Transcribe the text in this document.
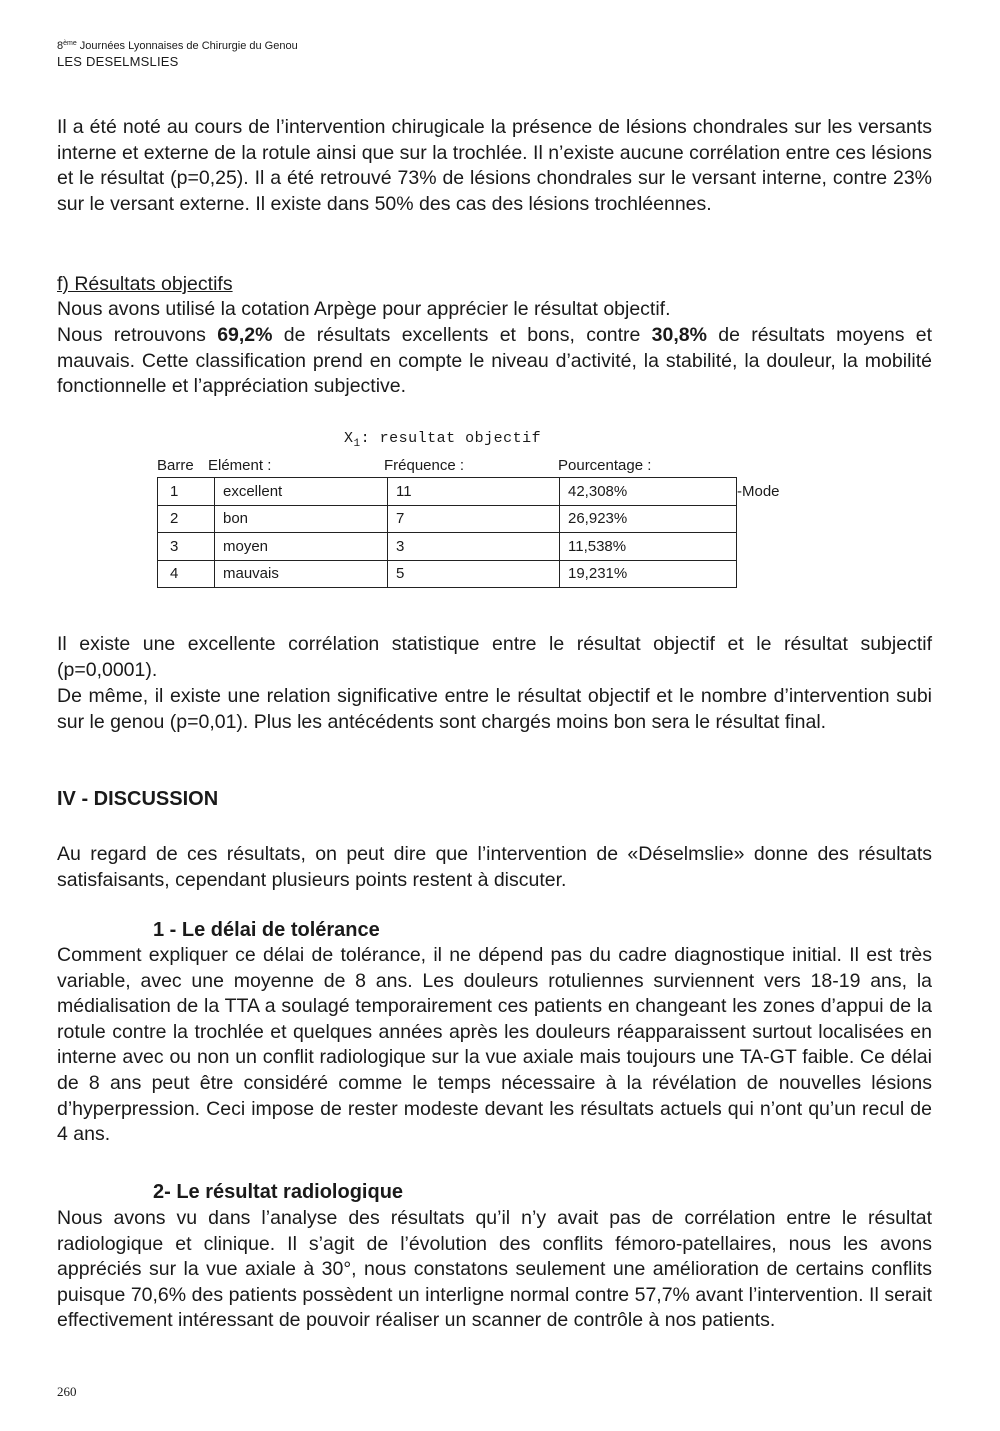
8ème Journées Lyonnaises de Chirurgie du Genou
LES DESELMSLIES

Il a été noté au cours de l’intervention chirugicale la présence de lésions chondrales sur les versants interne et externe de la rotule ainsi que sur la trochlée. Il n’existe aucune corrélation entre ces lésions et le résultat (p=0,25). Il a été retrouvé 73% de lésions chondrales sur le versant interne, contre 23% sur le versant externe. Il existe dans 50% des cas des lésions trochléennes.

f) Résultats objectifs

Nous avons utilisé la cotation Arpège pour apprécier le résultat objectif.

Nous retrouvons 69,2% de résultats excellents et bons, contre 30,8% de résultats moyens et mauvais. Cette classification prend en compte le niveau d’activité, la stabilité, la douleur, la mobilité fonctionnelle et l’appréciation subjective.

$X_1$: resultat objectif
Barre Elément :	Fréquence :	Pourcentage :
1	excellent	11	42,308%
2	bon	7	26,923%
3	moyen	3	11,538%
4	mauvais	5	19,231%
-Mode

Il existe une excellente corrélation statistique entre le résultat objectif et le résultat subjectif (p=0,0001).

De même, il existe une relation significative entre le résultat objectif et le nombre d’intervention subi sur le genou (p=0,01). Plus les antécédents sont chargés moins bon sera le résultat final.

IV - DISCUSSION

Au regard de ces résultats, on peut dire que l’intervention de «Déselmslie» donne des résultats satisfaisants, cependant plusieurs points restent à discuter.

1 - Le délai de tolérance

Comment expliquer ce délai de tolérance, il ne dépend pas du cadre diagnostique initial. Il est très variable, avec une moyenne de 8 ans. Les douleurs rotuliennes surviennent vers 18-19 ans, la médialisation de la TTA a soulagé temporairement ces patients en changeant les zones d’appui de la rotule contre la trochlée et quelques années après les douleurs réapparaissent surtout localisées en interne avec ou non un conflit radiologique sur la vue axiale mais toujours une TA-GT faible. Ce délai de 8 ans peut être considéré comme le temps nécessaire à la révélation de nouvelles lésions d’hyperpression. Ceci impose de rester modeste devant les résultats actuels qui n’ont qu’un recul de 4 ans.

2- Le résultat radiologique

Nous avons vu dans l’analyse des résultats qu’il n’y avait pas de corrélation entre le résultat radiologique et clinique. Il s’agit de l’évolution des conflits fémoro-patellaires, nous les avons appréciés sur la vue axiale à 30°, nous constatons seulement une amélioration de certains conflits puisque 70,6% des patients possèdent un interligne normal contre 57,7% avant l’intervention. Il serait effectivement intéressant de pouvoir réaliser un scanner de contrôle à nos patients.

260
